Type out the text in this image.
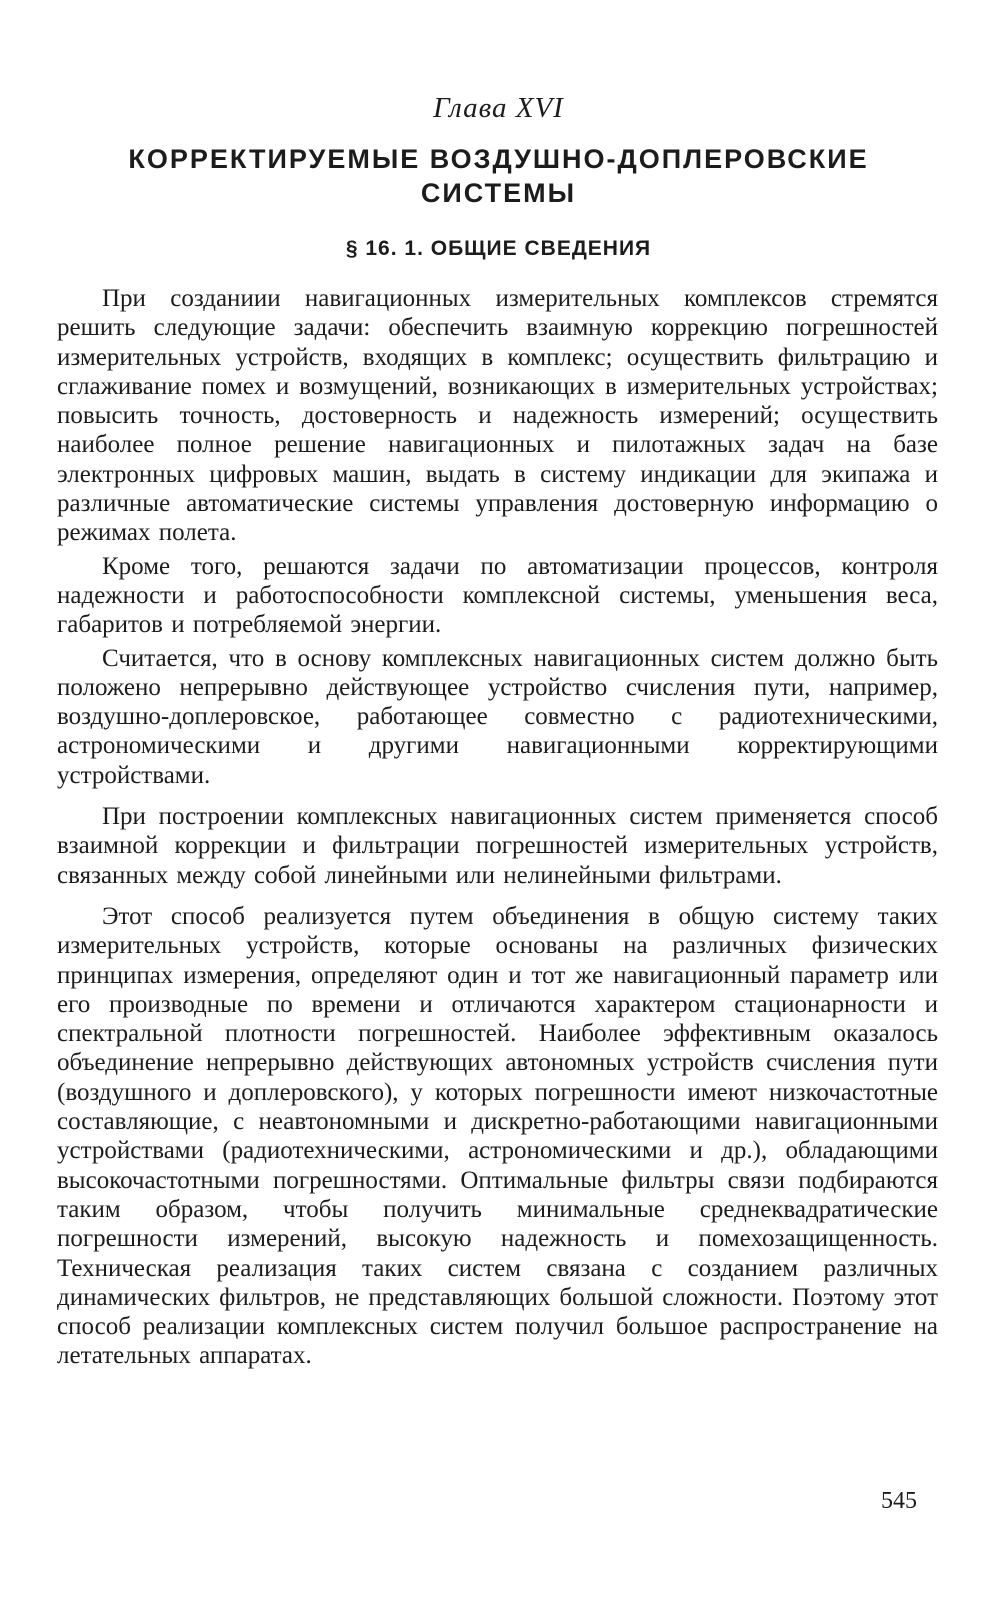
Глава XVI
КОРРЕКТИРУЕМЫЕ ВОЗДУШНО-ДОПЛЕРОВСКИЕ СИСТЕМЫ
§ 16. 1. ОБЩИЕ СВЕДЕНИЯ

При созданиии навигационных измерительных комплексов стремятся решить следующие задачи: обеспечить взаимную коррекцию погрешностей измерительных устройств, входящих в комплекс; осуществить фильтрацию и сглаживание помех и возмущений, возникающих в измерительных устройствах; повысить точность, достоверность и надежность измерений; осуществить наиболее полное решение навигационных и пилотажных задач на базе электронных цифровых машин, выдать в систему индикации для экипажа и различные автоматические системы управления достоверную информацию о режимах полета.

Кроме того, решаются задачи по автоматизации процессов, контроля надежности и работоспособности комплексной системы, уменьшения веса, габаритов и потребляемой энергии.

Считается, что в основу комплексных навигационных систем должно быть положено непрерывно действующее устройство счисления пути, например, воздушно-доплеровское, работающее совместно с радиотехническими, астрономическими и другими навигационными корректирующими устройствами.

При построении комплексных навигационных систем применяется способ взаимной коррекции и фильтрации погрешностей измерительных устройств, связанных между собой линейными или нелинейными фильтрами.

Этот способ реализуется путем объединения в общую систему таких измерительных устройств, которые основаны на различных физических принципах измерения, определяют один и тот же навигационный параметр или его производные по времени и отличаются характером стационарности и спектральной плотности погрешностей. Наиболее эффективным оказалось объединение непрерывно действующих автономных устройств счисления пути (воздушного и доплеровского), у которых погрешности имеют низкочастотные составляющие, с неавтономными и дискретно-работающими навигационными устройствами (радиотехническими, астрономическими и др.), обладающими высокочастотными погрешностями. Оптимальные фильтры связи подбираются таким образом, чтобы получить минимальные среднеквадратические погрешности измерений, высокую надежность и помехозащищенность. Техническая реализация таких систем связана с созданием различных динамических фильтров, не представляющих большой сложности. Поэтому этот способ реализации комплексных систем получил большое распространение на летательных аппаратах.

545
